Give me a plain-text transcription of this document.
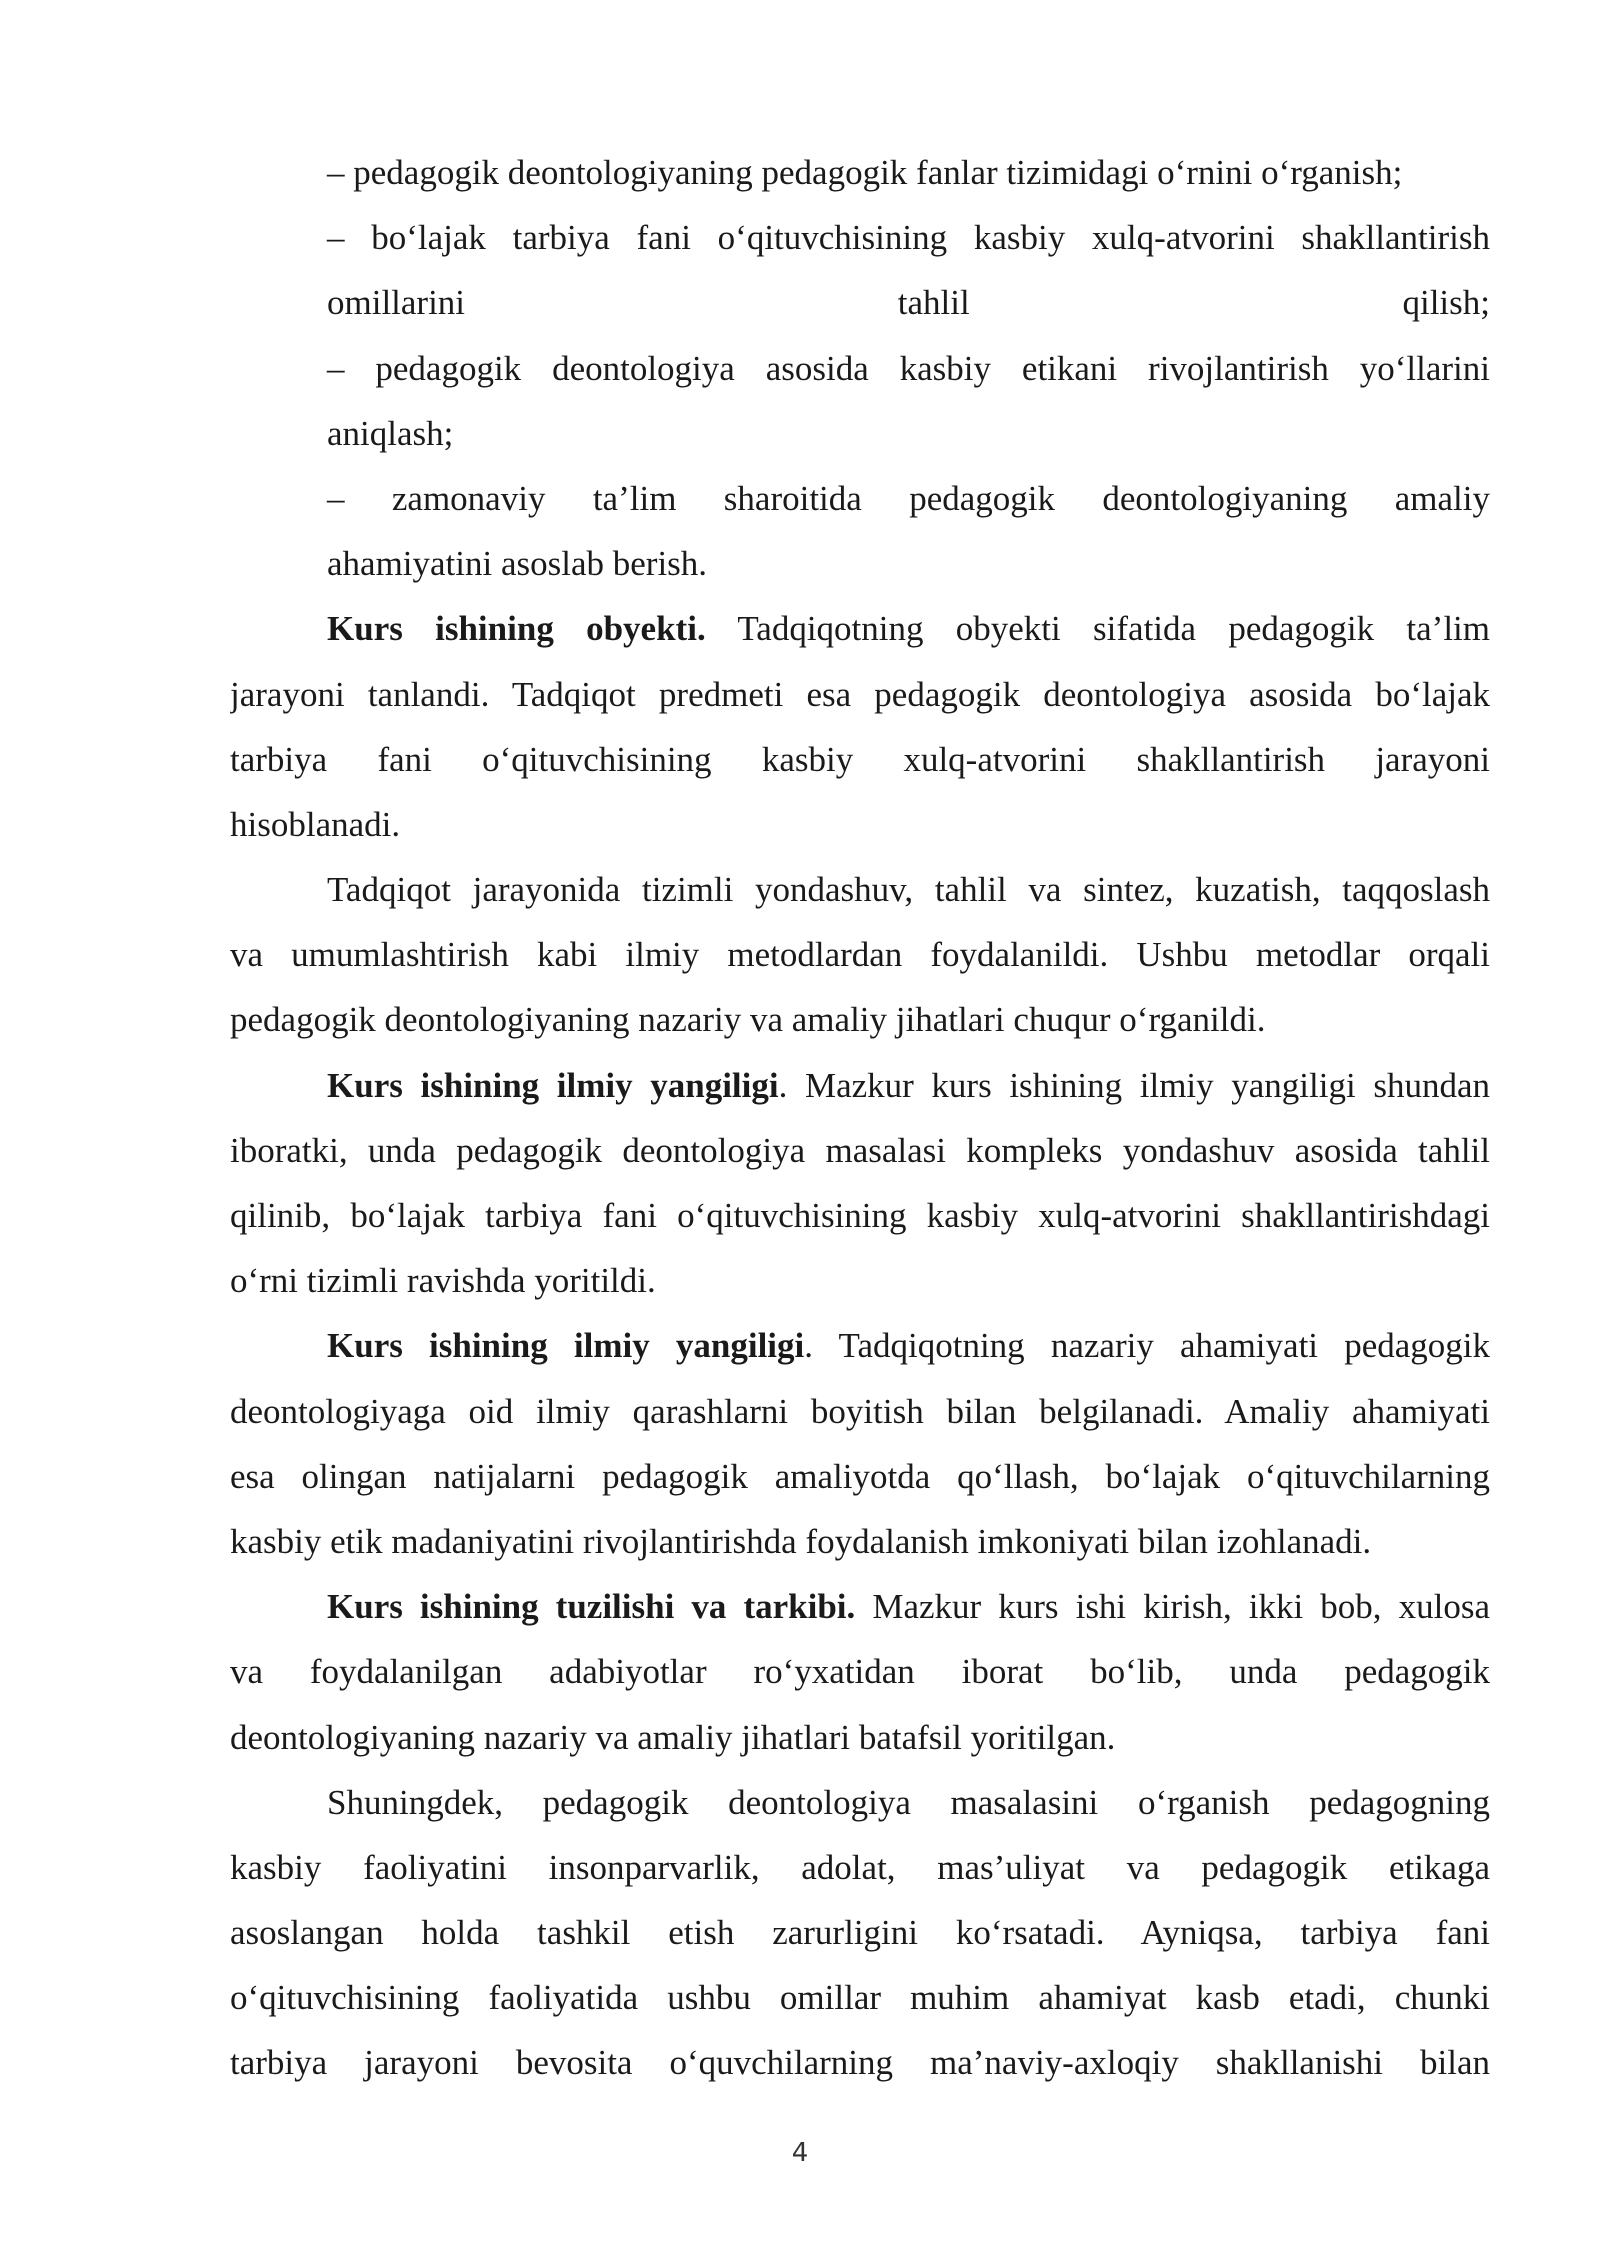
– pedagogik deontologiyaning pedagogik fanlar tizimidagi o‘rnini o‘rganish;

– bo‘lajak tarbiya fani o‘qituvchisining kasbiy xulq-atvorini shakllantirish

omillarini tahlil qilish;

– pedagogik deontologiya asosida kasbiy etikani rivojlantirish yo‘llarini

aniqlash;

– zamonaviy ta’lim sharoitida pedagogik deontologiyaning amaliy

ahamiyatini asoslab berish.

Kurs ishining obyekti. Tadqiqotning obyekti sifatida pedagogik ta’lim

jarayoni tanlandi. Tadqiqot predmeti esa pedagogik deontologiya asosida bo‘lajak

tarbiya fani o‘qituvchisining kasbiy xulq-atvorini shakllantirish jarayoni

hisoblanadi.

Tadqiqot jarayonida tizimli yondashuv, tahlil va sintez, kuzatish, taqqoslash

va umumlashtirish kabi ilmiy metodlardan foydalanildi. Ushbu metodlar orqali

pedagogik deontologiyaning nazariy va amaliy jihatlari chuqur o‘rganildi.

Kurs ishining ilmiy yangiligi. Mazkur kurs ishining ilmiy yangiligi shundan

iboratki, unda pedagogik deontologiya masalasi kompleks yondashuv asosida tahlil

qilinib, bo‘lajak tarbiya fani o‘qituvchisining kasbiy xulq-atvorini shakllantirishdagi

o‘rni tizimli ravishda yoritildi.

Kurs ishining ilmiy yangiligi. Tadqiqotning nazariy ahamiyati pedagogik

deontologiyaga oid ilmiy qarashlarni boyitish bilan belgilanadi. Amaliy ahamiyati

esa olingan natijalarni pedagogik amaliyotda qo‘llash, bo‘lajak o‘qituvchilarning

kasbiy etik madaniyatini rivojlantirishda foydalanish imkoniyati bilan izohlanadi.

Kurs ishining tuzilishi va tarkibi. Mazkur kurs ishi kirish, ikki bob, xulosa

va foydalanilgan adabiyotlar ro‘yxatidan iborat bo‘lib, unda pedagogik

deontologiyaning nazariy va amaliy jihatlari batafsil yoritilgan.

Shuningdek, pedagogik deontologiya masalasini o‘rganish pedagogning

kasbiy faoliyatini insonparvarlik, adolat, mas’uliyat va pedagogik etikaga

asoslangan holda tashkil etish zarurligini ko‘rsatadi. Ayniqsa, tarbiya fani

o‘qituvchisining faoliyatida ushbu omillar muhim ahamiyat kasb etadi, chunki

tarbiya jarayoni bevosita o‘quvchilarning ma’naviy-axloqiy shakllanishi bilan

4
